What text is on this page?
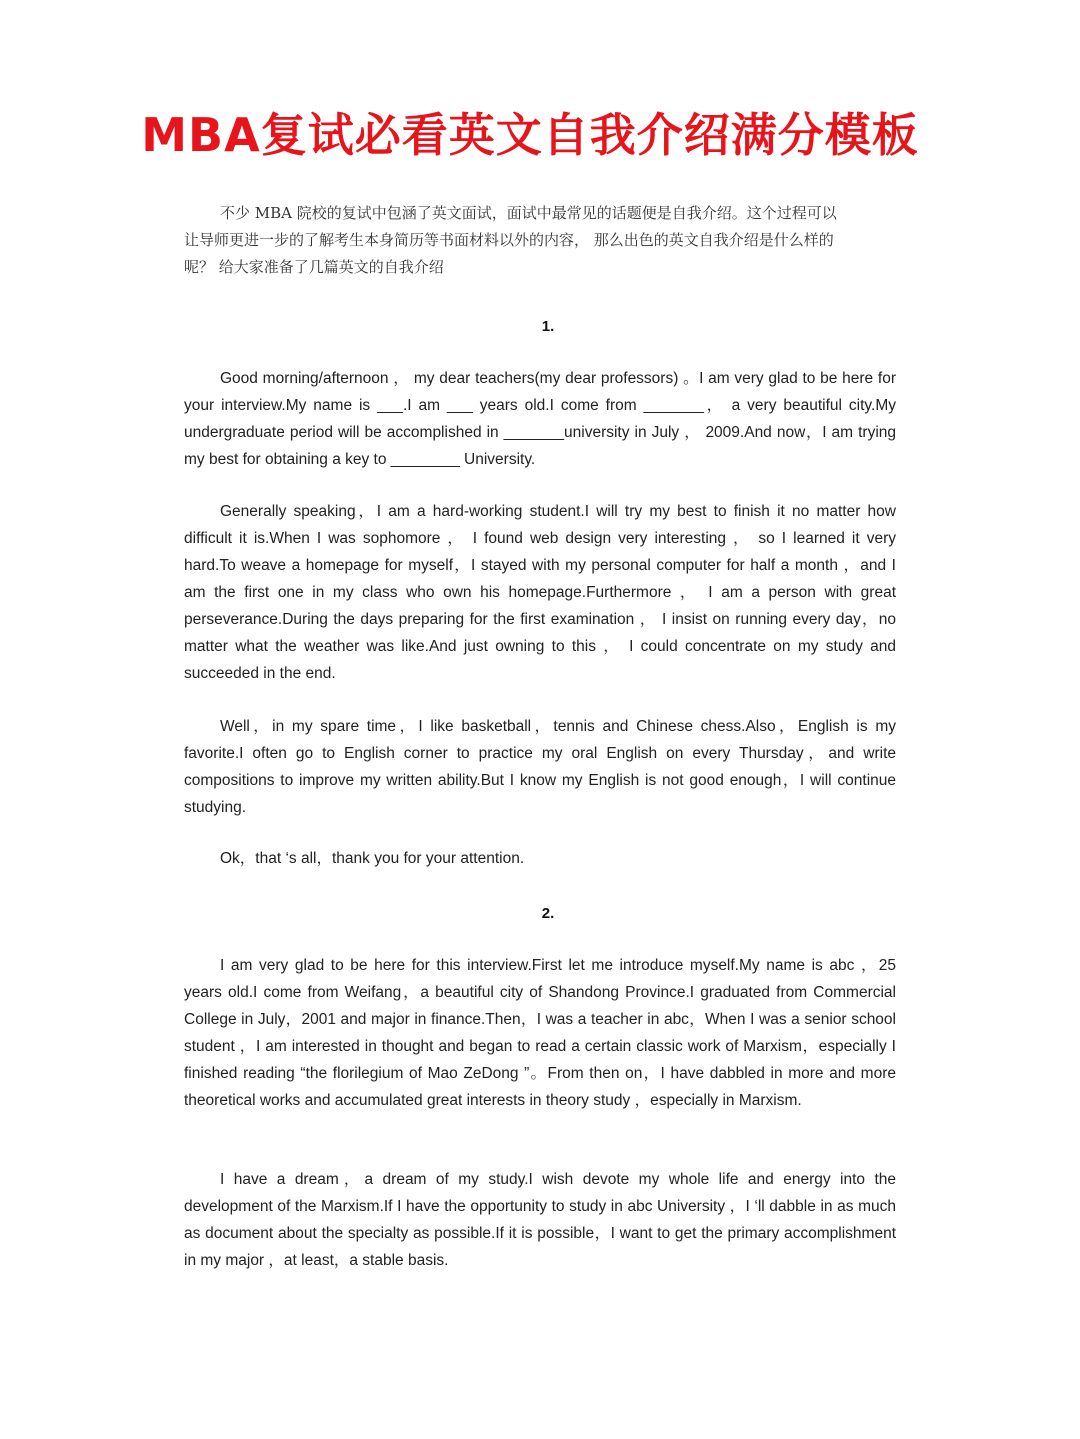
MBA复试必看英文自我介绍满分模板
不少 MBA 院校的复试中包涵了英文面试，面试中最常见的话题便是自我介绍。这个过程可以让导师更进一步的了解考生本身简历等书面材料以外的内容， 那么出色的英文自我介绍是什么样的呢？ 给大家准备了几篇英文的自我介绍
1.
Good morning/afternoon ， my dear teachers(my dear professors) 。I am very glad to be here for your interview.My name is ___.I am ___ years old.I come from _______， a very beautiful city.My undergraduate period will be accomplished in _______university in July ， 2009.And now，I am trying my best for obtaining a key to ________ University.
Generally speaking，I am a hard-working student.I will try my best to finish it no matter how difficult it is.When I was sophomore ， I found web design very interesting ， so I learned it very hard.To weave a homepage for myself，I stayed with my personal computer for half a month ，and I am the first one in my class who own his homepage.Furthermore ， I am a person with great perseverance.During the days preparing for the first examination ， I insist on running every day，no matter what the weather was like.And just owning to this ， I could concentrate on my study and succeeded in the end.
Well，in my spare time，I like basketball，tennis and Chinese chess.Also，English is my favorite.I often go to English corner to practice my oral English on every Thursday，and write compositions to improve my written ability.But I know my English is not good enough，I will continue studying.
Ok，that ‘s all，thank you for your attention.
2.
I am very glad to be here for this interview.First let me introduce myself.My name is abc ，25 years old.I come from Weifang，a beautiful city of Shandong Province.I graduated from Commercial College in July，2001 and major in finance.Then，I was a teacher in abc，When I was a senior school student ，I am interested in thought and began to read a certain classic work of Marxism，especially I finished reading “the florilegium of Mao ZeDong ”。From then on，I have dabbled in more and more theoretical works and accumulated great interests in theory study ，especially in Marxism.
I have a dream，a dream of my study.I wish devote my whole life and energy into the development of the Marxism.If I have the opportunity to study in abc University ，I ‘ll dabble in as much as document about the specialty as possible.If it is possible，I want to get the primary accomplishment in my major ，at least，a stable basis.
